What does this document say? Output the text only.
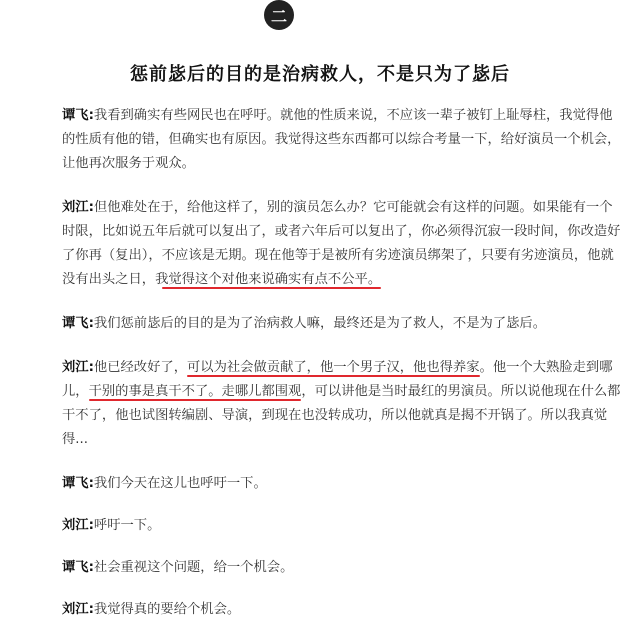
二
惩前毖后的目的是治病救人，不是只为了毖后

谭飞:我看到确实有些网民也在呼吁。就他的性质来说，不应该一辈子被钉上耻辱柱，我觉得他的性质有他的错，但确实也有原因。我觉得这些东西都可以综合考量一下，给好演员一个机会，让他再次服务于观众。

刘江:但他难处在于，给他这样了，别的演员怎么办？它可能就会有这样的问题。如果能有一个时限，比如说五年后就可以复出了，或者六年后可以复出了，你必须得沉寂一段时间，你改造好了你再（复出），不应该是无期。现在他等于是被所有劣迹演员绑架了，只要有劣迹演员，他就没有出头之日，我觉得这个对他来说确实有点不公平。

谭飞:我们惩前毖后的目的是为了治病救人嘛，最终还是为了救人，不是为了毖后。

刘江:他已经改好了，可以为社会做贡献了，他一个男子汉，他也得养家。他一个大熟脸走到哪儿，干别的事是真干不了。走哪儿都围观，可以讲他是当时最红的男演员。所以说他现在什么都干不了，他也试图转编剧、导演，到现在也没转成功，所以他就真是揭不开锅了。所以我真觉得...

谭飞:我们今天在这儿也呼吁一下。

刘江:呼吁一下。

谭飞:社会重视这个问题，给一个机会。

刘江:我觉得真的要给个机会。
